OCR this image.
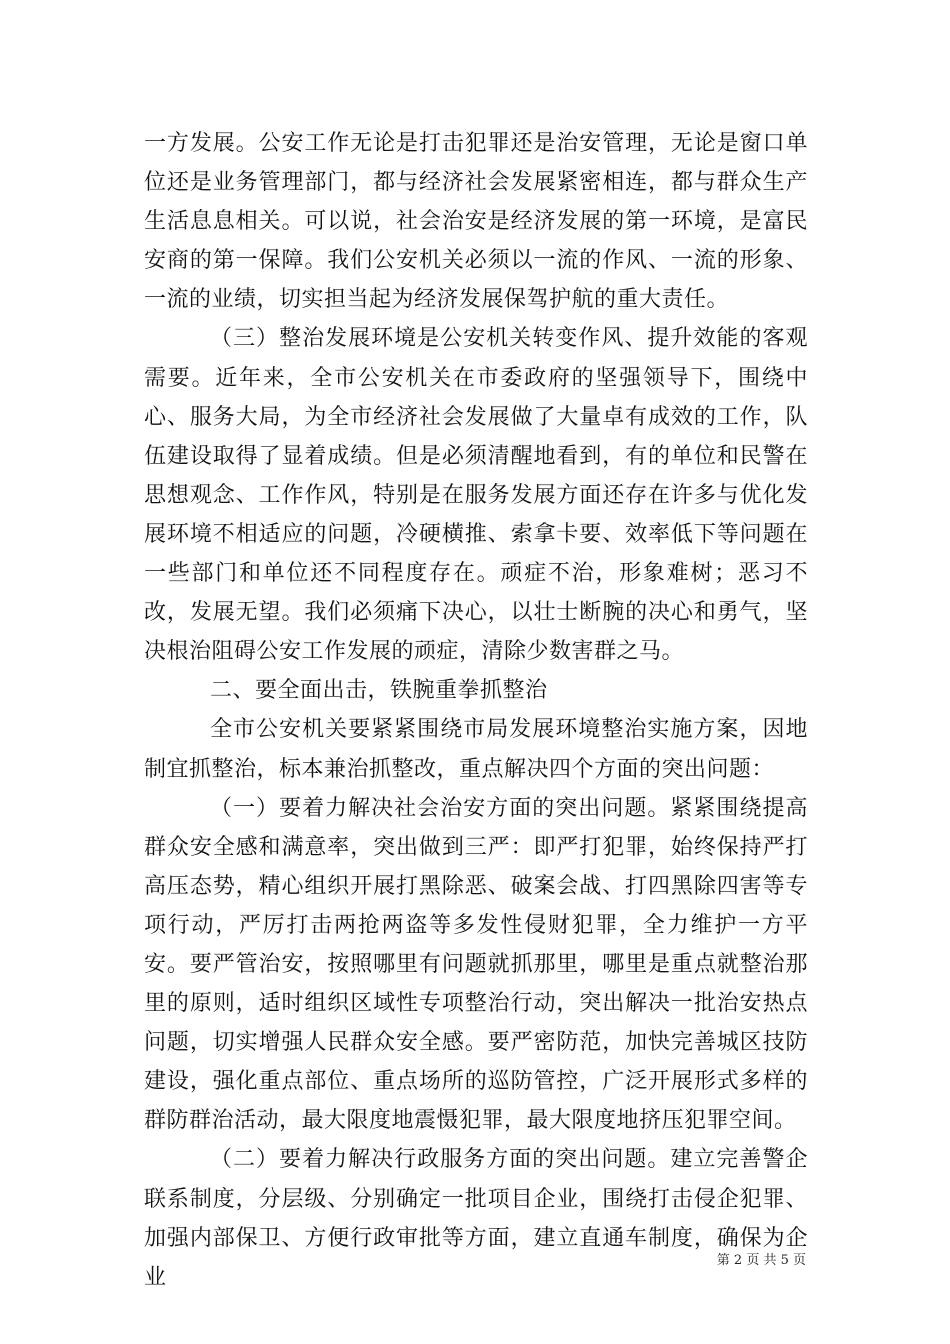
一方发展。公安工作无论是打击犯罪还是治安管理，无论是窗口单位还是业务管理部门，都与经济社会发展紧密相连，都与群众生产生活息息相关。可以说，社会治安是经济发展的第一环境，是富民安商的第一保障。我们公安机关必须以一流的作风、一流的形象、一流的业绩，切实担当起为经济发展保驾护航的重大责任。

（三）整治发展环境是公安机关转变作风、提升效能的客观需要。近年来，全市公安机关在市委政府的坚强领导下，围绕中心、服务大局，为全市经济社会发展做了大量卓有成效的工作，队伍建设取得了显着成绩。但是必须清醒地看到，有的单位和民警在思想观念、工作作风，特别是在服务发展方面还存在许多与优化发展环境不相适应的问题，冷硬横推、索拿卡要、效率低下等问题在一些部门和单位还不同程度存在。顽症不治，形象难树；恶习不改，发展无望。我们必须痛下决心，以壮士断腕的决心和勇气，坚决根治阻碍公安工作发展的顽症，清除少数害群之马。

二、要全面出击，铁腕重拳抓整治

全市公安机关要紧紧围绕市局发展环境整治实施方案，因地制宜抓整治，标本兼治抓整改，重点解决四个方面的突出问题：

（一）要着力解决社会治安方面的突出问题。紧紧围绕提高群众安全感和满意率，突出做到三严：即严打犯罪，始终保持严打高压态势，精心组织开展打黑除恶、破案会战、打四黑除四害等专项行动，严厉打击两抢两盗等多发性侵财犯罪，全力维护一方平安。要严管治安，按照哪里有问题就抓那里，哪里是重点就整治那里的原则，适时组织区域性专项整治行动，突出解决一批治安热点问题，切实增强人民群众安全感。要严密防范，加快完善城区技防建设，强化重点部位、重点场所的巡防管控，广泛开展形式多样的群防群治活动，最大限度地震慑犯罪，最大限度地挤压犯罪空间。

（二）要着力解决行政服务方面的突出问题。建立完善警企联系制度，分层级、分别确定一批项目企业，围绕打击侵企犯罪、加强内部保卫、方便行政审批等方面，建立直通车制度，确保为企业

第 2 页 共 5 页
